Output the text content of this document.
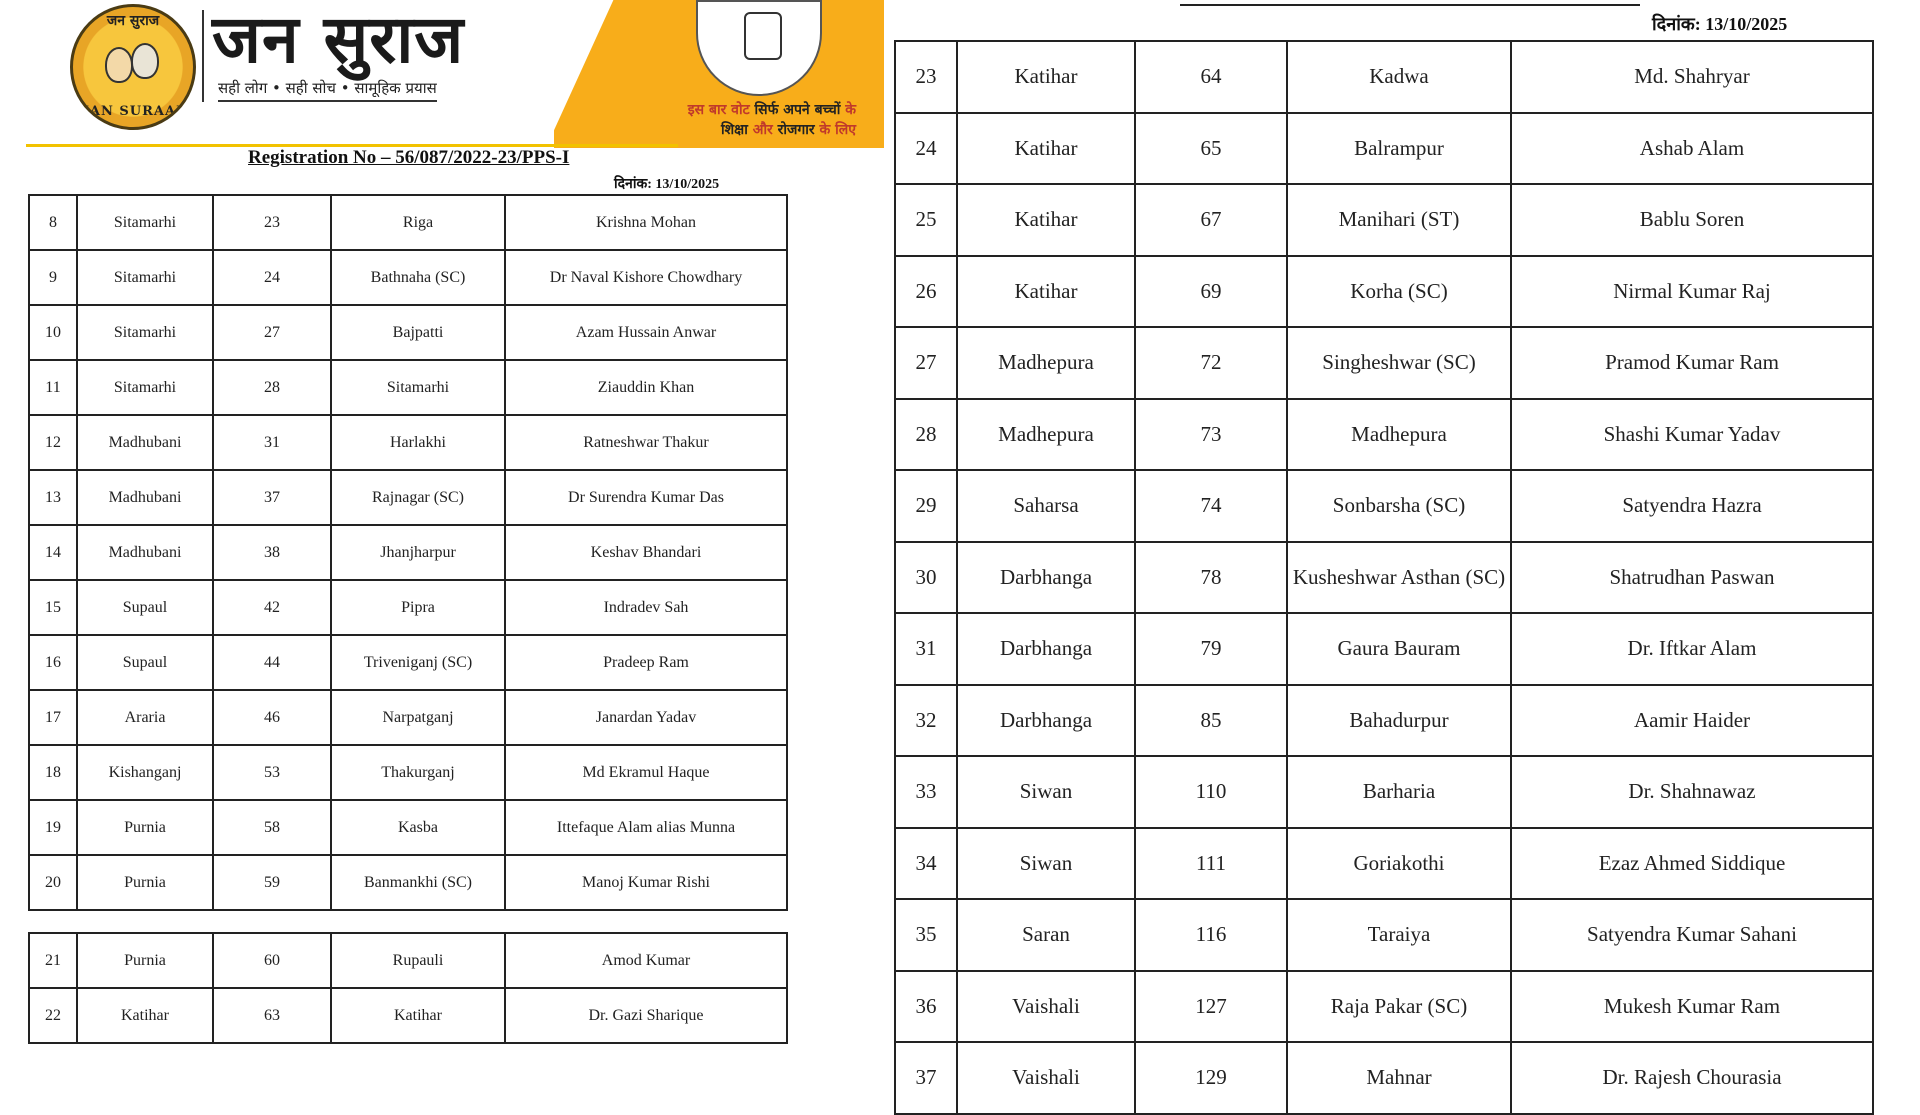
जन सुराज
JAN SURAAJ
जन सुराज
सही लोग • सही सोच • सामूहिक प्रयास
इस बार वोट सिर्फ अपने बच्चों के
शिक्षा और रोजगार के लिए
Registration No – 56/087/2022-23/PPS-I
दिनांक: 13/10/2025
8	Sitamarhi	23	Riga	Krishna Mohan
9	Sitamarhi	24	Bathnaha (SC)	Dr Naval Kishore Chowdhary
10	Sitamarhi	27	Bajpatti	Azam Hussain Anwar
11	Sitamarhi	28	Sitamarhi	Ziauddin Khan
12	Madhubani	31	Harlakhi	Ratneshwar Thakur
13	Madhubani	37	Rajnagar (SC)	Dr Surendra Kumar Das
14	Madhubani	38	Jhanjharpur	Keshav Bhandari
15	Supaul	42	Pipra	Indradev Sah
16	Supaul	44	Triveniganj (SC)	Pradeep Ram
17	Araria	46	Narpatganj	Janardan Yadav
18	Kishanganj	53	Thakurganj	Md Ekramul Haque
19	Purnia	58	Kasba	Ittefaque Alam alias Munna
20	Purnia	59	Banmankhi (SC)	Manoj Kumar Rishi
21	Purnia	60	Rupauli	Amod Kumar
22	Katihar	63	Katihar	Dr. Gazi Sharique
दिनांक: 13/10/2025
23	Katihar	64	Kadwa	Md. Shahryar
24	Katihar	65	Balrampur	Ashab Alam
25	Katihar	67	Manihari (ST)	Bablu Soren
26	Katihar	69	Korha (SC)	Nirmal Kumar Raj
27	Madhepura	72	Singheshwar (SC)	Pramod Kumar Ram
28	Madhepura	73	Madhepura	Shashi Kumar Yadav
29	Saharsa	74	Sonbarsha (SC)	Satyendra Hazra
30	Darbhanga	78	Kusheshwar Asthan (SC)	Shatrudhan Paswan
31	Darbhanga	79	Gaura Bauram	Dr. Iftkar Alam
32	Darbhanga	85	Bahadurpur	Aamir Haider
33	Siwan	110	Barharia	Dr. Shahnawaz
34	Siwan	111	Goriakothi	Ezaz Ahmed Siddique
35	Saran	116	Taraiya	Satyendra Kumar Sahani
36	Vaishali	127	Raja Pakar (SC)	Mukesh Kumar Ram
37	Vaishali	129	Mahnar	Dr. Rajesh Chourasia
